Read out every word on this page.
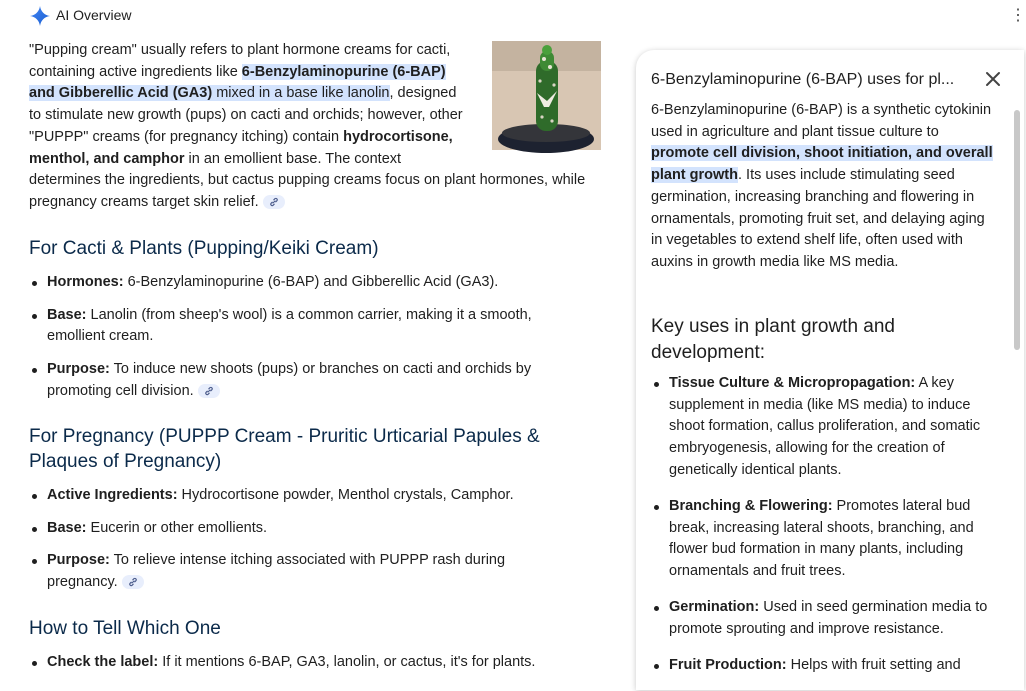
AI Overview	⋮

"Pupping cream" usually refers to plant hormone creams for cacti, containing active ingredients like 6-Benzylaminopurine (6-BAP) and Gibberellic Acid (GA3) mixed in a base like lanolin, designed to stimulate new growth (pups) on cacti and orchids; however, other "PUPPP" creams (for pregnancy itching) contain hydrocortisone, menthol, and camphor in an emollient base. The context

determines the ingredients, but cactus pupping creams focus on plant hormones, while pregnancy creams target skin relief.

For Cacti & Plants (Pupping/Keiki Cream)
Hormones: 6-Benzylaminopurine (6-BAP) and Gibberellic Acid (GA3).
Base: Lanolin (from sheep's wool) is a common carrier, making it a smooth, emollient cream.
Purpose: To induce new shoots (pups) or branches on cacti and orchids by promoting cell division.
For Pregnancy (PUPPP Cream - Pruritic Urticarial Papules & Plaques of Pregnancy)
Active Ingredients: Hydrocortisone powder, Menthol crystals, Camphor.
Base: Eucerin or other emollients.
Purpose: To relieve intense itching associated with PUPPP rash during pregnancy.
How to Tell Which One
Check the label: If it mentions 6-BAP, GA3, lanolin, or cactus, it's for plants.
6-Benzylaminopurine (6-BAP) uses for pl...
6-Benzylaminopurine (6-BAP) is a synthetic cytokinin used in agriculture and plant tissue culture to promote cell division, shoot initiation, and overall plant growth. Its uses include stimulating seed germination, increasing branching and flowering in ornamentals, promoting fruit set, and delaying aging in vegetables to extend shelf life, often used with auxins in growth media like MS media.
Key uses in plant growth and development:
Tissue Culture & Micropropagation: A key supplement in media (like MS media) to induce shoot formation, callus proliferation, and somatic embryogenesis, allowing for the creation of genetically identical plants.
Branching & Flowering: Promotes lateral bud break, increasing lateral shoots, branching, and flower bud formation in many plants, including ornamentals and fruit trees.
Germination: Used in seed germination media to promote sprouting and improve resistance.
Fruit Production: Helps with fruit setting and
